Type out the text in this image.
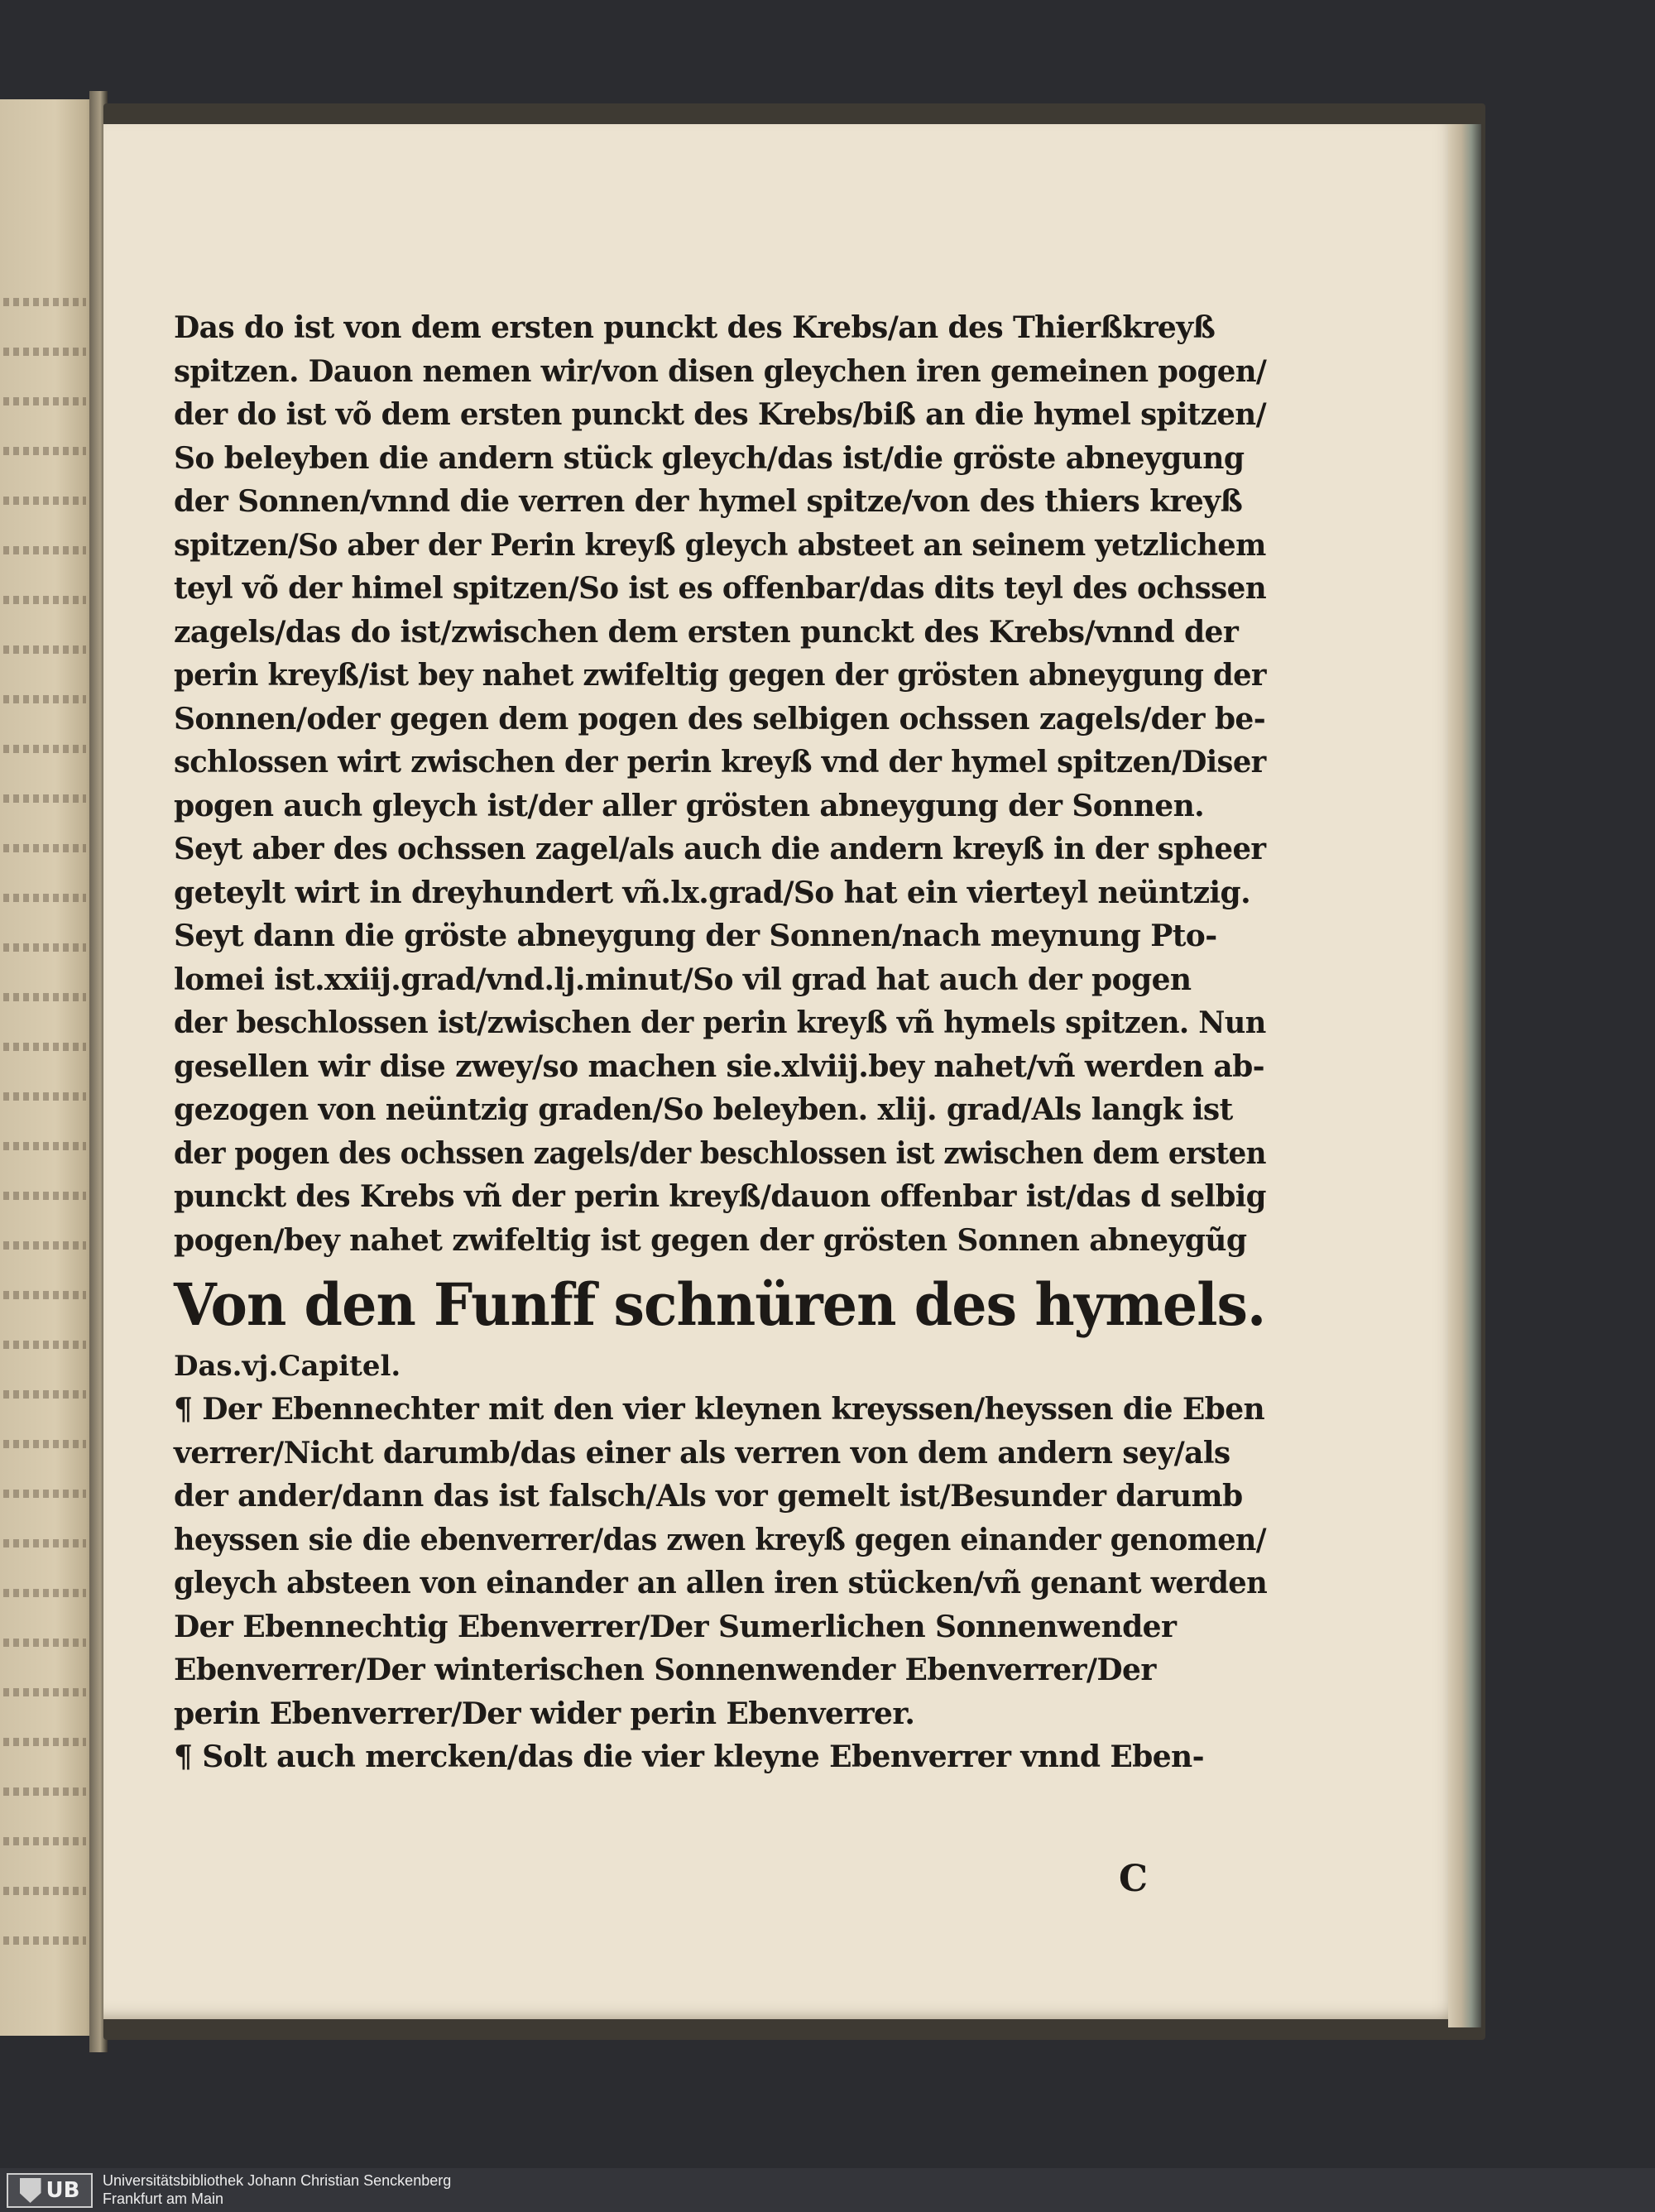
Das do ist von dem ersten punckt des Krebs/an des Thierßkreyß
spitzen. Dauon nemen wir/von disen gleychen iren gemeinen pogen/
der do ist võ dem ersten punckt des Krebs/biß an die hymel spitzen/
So beleyben die andern stück gleych/das ist/die gröste abneygung
der Sonnen/vnnd die verren der hymel spitze/von des thiers kreyß
spitzen/So aber der Perin kreyß gleych absteet an seinem yetzlichem
teyl võ der himel spitzen/So ist es offenbar/das dits teyl des ochssen
zagels/das do ist/zwischen dem ersten punckt des Krebs/vnnd der
perin kreyß/ist bey nahet zwifeltig gegen der grösten abneygung der
Sonnen/oder gegen dem pogen des selbigen ochssen zagels/der be-
schlossen wirt zwischen der perin kreyß vnd der hymel spitzen/Diser
pogen auch gleych ist/der aller grösten abneygung der Sonnen.
Seyt aber des ochssen zagel/als auch die andern kreyß in der spheer
geteylt wirt in dreyhundert vñ.lx.grad/So hat ein vierteyl neüntzig.
Seyt dann die gröste abneygung der Sonnen/nach meynung Pto-
lomei ist.xxiij.grad/vnd.lj.minut/So vil grad hat auch der pogen
der beschlossen ist/zwischen der perin kreyß vñ hymels spitzen. Nun
gesellen wir dise zwey/so machen sie.xlviij.bey nahet/vñ werden ab-
gezogen von neüntzig graden/So beleyben. xlij. grad/Als langk ist
der pogen des ochssen zagels/der beschlossen ist zwischen dem ersten
punckt des Krebs vñ der perin kreyß/dauon offenbar ist/das d selbig
pogen/bey nahet zwifeltig ist gegen der grösten Sonnen abneygũg
Von den Funff schnüren des hymels.
Das.vj.Capitel.
¶ Der Ebennechter mit den vier kleynen kreyssen/heyssen die Eben
verrer/Nicht darumb/das einer als verren von dem andern sey/als
der ander/dann das ist falsch/Als vor gemelt ist/Besunder darumb
heyssen sie die ebenverrer/das zwen kreyß gegen einander genomen/
gleych absteen von einander an allen iren stücken/vñ genant werden
Der Ebennechtig Ebenverrer/Der Sumerlichen Sonnenwender
Ebenverrer/Der winterischen Sonnenwender Ebenverrer/Der
perin Ebenverrer/Der wider perin Ebenverrer.
¶ Solt auch mercken/das die vier kleyne Ebenverrer vnnd Eben-
C
UB Universitätsbibliothek Johann Christian Senckenberg
Frankfurt am Main
